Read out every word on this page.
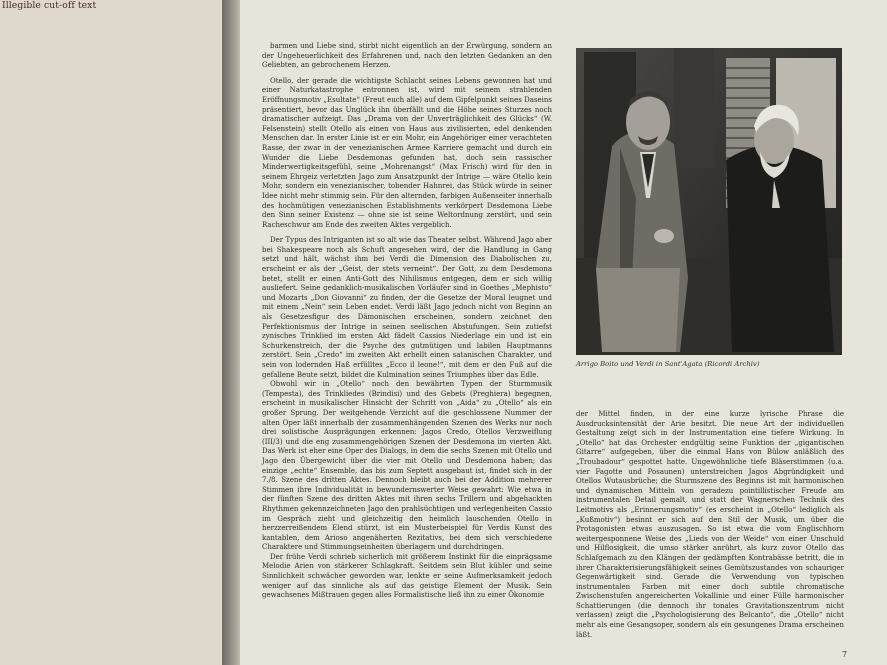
Illegible cut-off text

barmen und Liebe sind, stirbt nicht eigentlich an der Erwürgung, sondern an der Ungeheuerlichkeit des Erfahrenen und, nach den letzten Gedanken an den Geliebten, an gebrochenem Herzen.

Otello, der gerade die wichtigste Schlacht seines Lebens gewonnen hat und einer Naturkatastrophe entronnen ist, wird mit seinem strahlenden Eröffnungsmotiv „Esultate“ (Freut euch alle) auf dem Gipfelpunkt seines Daseins präsentiert, bevor das Unglück ihn überfällt und die Höhe seines Sturzes noch dramatischer aufzeigt. Das „Drama von der Unverträglichkeit des Glücks“ (W. Felsenstein) stellt Otello als einen von Haus aus zivilisierten, edel denkenden Menschen dar. In erster Linie ist er ein Mohr, ein Angehöriger einer verachteten Rasse, der zwar in der venezianischen Armee Karriere gemacht und durch ein Wunder die Liebe Desdemonas gefunden hat, doch sein rassischer Minderwertigkeitsgefühl, seine „Mohrenangst“ (Max Frisch) wird für den in seinem Ehrgeiz verletzten Jago zum Ansatzpunkt der Intrige — wäre Otello kein Mohr, sondern ein venezianischer, tobender Hahnrei, das Stück würde in seiner Idee nicht mehr stimmig sein. Für den alternden, farbigen Außenseiter innerhalb des hochmütigen venezianischen Establishments verkörpert Desdemona Liebe den Sinn seiner Existenz — ohne sie ist seine Weltordnung zerstört, und sein Racheschwur am Ende des zweiten Aktes vergeblich.

Der Typus des Intriganten ist so alt wie das Theater selbst. Während Jago aber bei Shakespeare noch als Schuft angesehen wird, der die Handlung in Gang setzt und hält, wächst ihm bei Verdi die Dimension des Diabolischen zu, erscheint er als der „Geist, der stets verneint“. Der Gott, zu dem Desdemona betet, stellt er einen Anti-Gott des Nihilismus entgegen, dem er sich willig ausliefert. Seine gedanklich-musikalischen Vorläufer sind in Goethes „Mephisto“ und Mozarts „Don Giovanni“ zu finden, der die Gesetze der Moral leugnet und mit einem „Nein“ sein Leben endet. Verdi läßt Jago jedoch nicht von Beginn an als Gesetzesfigur des Dämonischen erscheinen, sondern zeichnet den Perfektionismus der Intrige in seinen seelischen Abstufungen. Sein zutiefst zynisches Trinklied im ersten Akt fädelt Cassios Niederlage ein und ist ein Schurkenstreich, der die Psyche des gutmütigen und labilen Hauptmanns zerstört. Sein „Credo“ im zweiten Akt erhellt einen satanischen Charakter, und sein von lodernden Haß erfülltes „Ecco il leone!“, mit dem er den Fuß auf die gefallene Beute setzt, bildet die Kulmination seines Triumphes über das Edle.

Obwohl wir in „Otello“ noch den bewährten Typen der Sturmmusik (Tempesta), des Trinkliedes (Brindisi) und des Gebets (Preghiera) begegnen, erscheint in musikalischer Hinsicht der Schritt von „Aida“ zu „Otello“ als ein großer Sprung. Der weitgehende Verzicht auf die geschlossene Nummer der alten Oper läßt innerhalb der zusammenhängenden Szenen des Werks nur noch drei solistische Ausprägungen erkennen: Jagos Credo, Otellos Verzweiflung (III/3) und die eng zusammengehörigen Szenen der Desdemona im vierten Akt. Das Werk ist eher eine Oper des Dialogs, in dem die sechs Szenen mit Otello und Jago den Übergewicht über die vier mit Otello und Desdemona haben; das einzige „echte“ Ensemble, das bis zum Septett ausgebaut ist, findet sich in der 7./8. Szene des dritten Aktes. Dennoch bleibt auch bei der Addition mehrerer Stimmen ihre Individualität in bewundernswerter Weise gewahrt: Wie etwa in der fünften Szene des dritten Aktes mit ihren sechs Trillern und abgehackten Rhythmen gekennzeichneten Jago den prahlsüchtigen und verlegenheiten Cassio im Gespräch zieht und gleichzeitig den heimlich lauschenden Otello in herzzerreißendem Elend stürzt, ist ein Musterbeispiel für Verdis Kunst des kantablen, dem Arioso angenäherten Rezitativs, bei dem sich verschiedene Charaktere und Stimmungseinheiten überlagern und durchdringen.

Der frühe Verdi schrieb sicherlich mit größerem Instinkt für die einprägsame Melodie Arien von stärkerer Schlagkraft. Seitdem sein Blut kühler und seine Sinnlichkeit schwächer geworden war, lenkte er seine Aufmerksamkeit jedoch weniger auf das sinnliche als auf das geistige Element der Musik. Sein gewachsenes Mißtrauen gegen alles Formalistische ließ ihn zu einer Ökonomie

Arrigo Boito und Verdi in Sant'Agata (Ricordi Archiv)

der Mittel finden, in der eine kurze lyrische Phrase die Ausdrucksintensität der Arie besitzt. Die neue Art der individuellen Gestaltung zeigt sich in der Instrumentation eine tiefere Wirkung. In „Otello“ hat das Orchester endgültig seine Funktion der „gigantischen Gitarre“ aufgegeben, über die einmal Hans von Bülow anläßlich des „Troubadour“ gespottet hatte. Ungewöhnliche tiefe Bläserstimmen (u.a. vier Fagotte und Posaunen) unterstreichen Jagos Abgründigkeit und Otellos Wutausbrüche; die Sturmszene des Beginns ist mit harmonischen und dynamischen Mitteln von geradezu pointillistischer Freude am instrumentalen Detail gemalt, und statt der Wagnerschen Technik des Leitmotivs als „Erinnerungsmotiv“ (es erscheint in „Otello“ lediglich als „Kußmotiv“) besinnt er sich auf den Stil der Musik, um über die Protagonisten etwas auszusagen. So ist etwa die vom Englischhorn weitergesponnene Weise des „Lieds von der Weide“ von einer Unschuld und Hilflosigkeit, die umso stärker anrührt, als kurz zuvor Otello das Schlafgemach zu den Klängen der gedämpften Kontrabässe betritt, die in ihrer Charakterisierungsfähigkeit seines Gemütszustandes von schauriger Gegenwärtigkeit sind. Gerade die Verwendung von typischen instrumentalen Farben mit einer doch subtile chromatische Zwischenstufen angereicherten Vokallinie und einer Fülle harmonischer Schattierungen (die dennoch ihr tonales Gravitationszentrum nicht verlassen) zeigt die „Psychologisierung des Belcanto“, die „Otello“ nicht mehr als eine Gesangsoper, sondern als ein gesungenes Drama erscheinen läßt.

7
